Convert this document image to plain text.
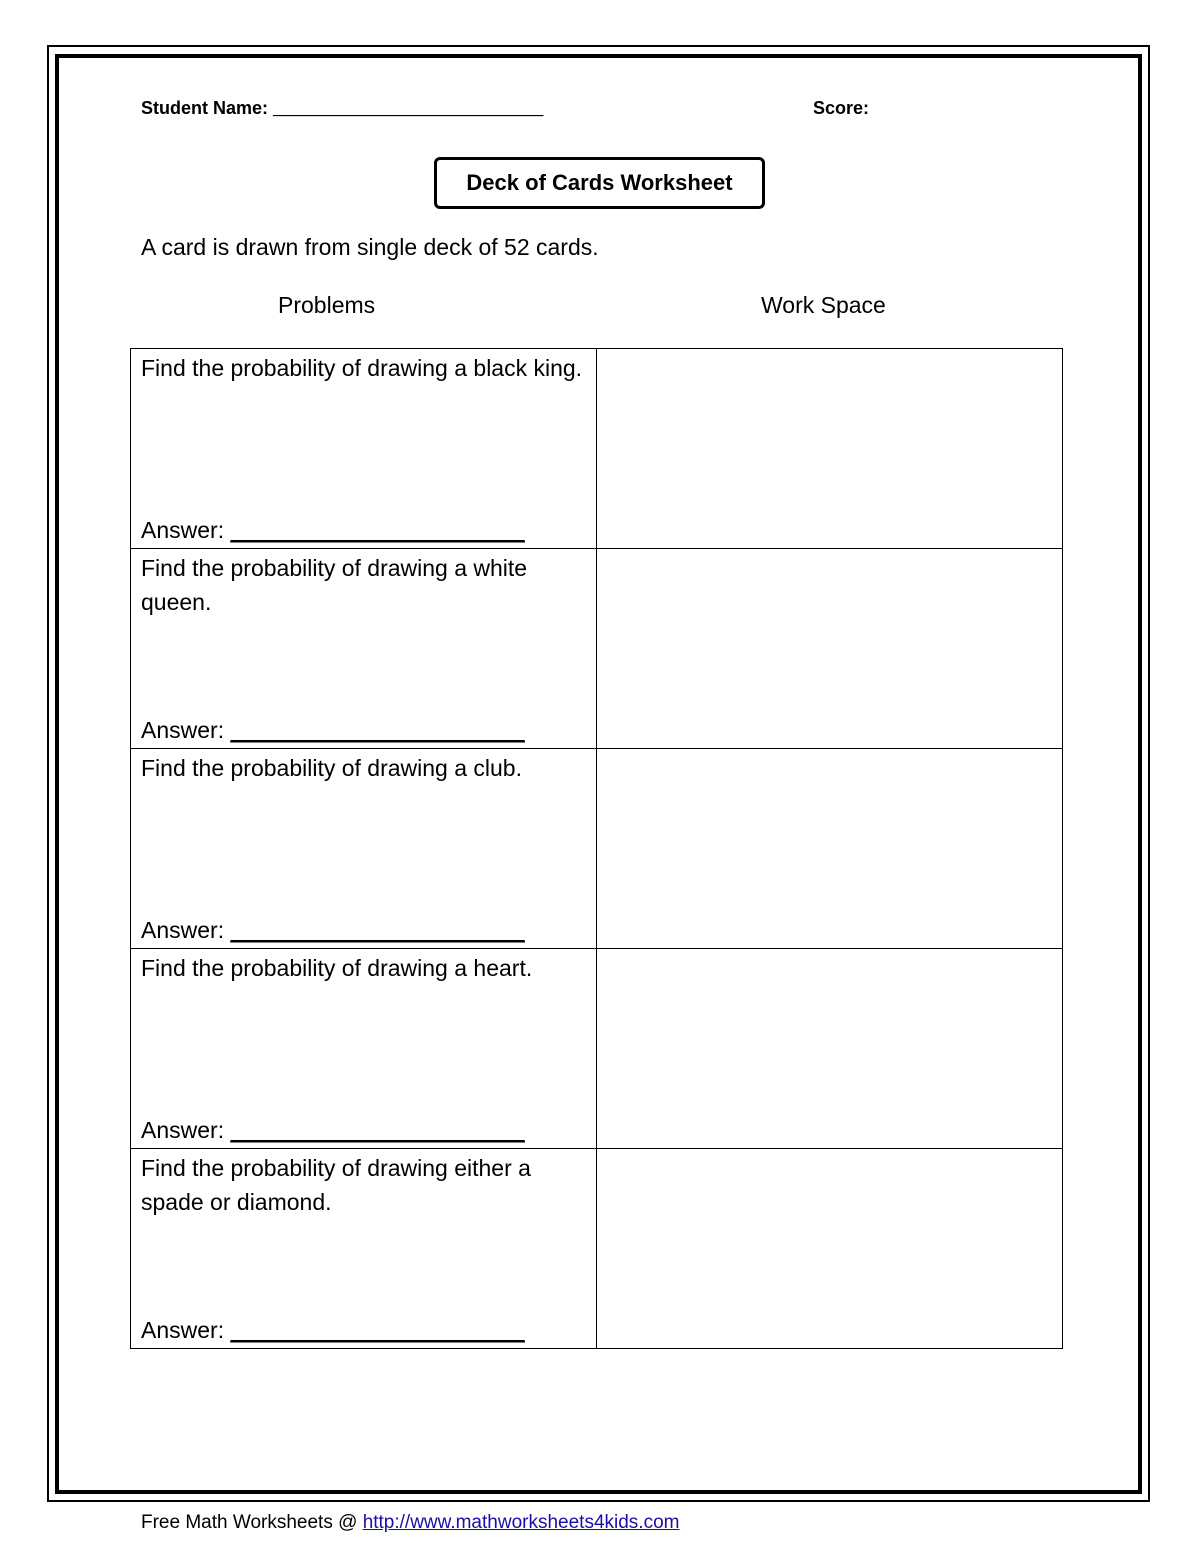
Student Name: ___________________________	Score:
Deck of Cards Worksheet
A card is drawn from single deck of 52 cards.
Problems	Work Space
Find the probability of drawing a black king.
Answer: _______________________	

Find the probability of drawing a white queen.
Answer: _______________________	

Find the probability of drawing a club.
Answer: _______________________	

Find the probability of drawing a heart.
Answer: _______________________	

Find the probability of drawing either a spade or diamond.
Answer: _______________________	

Free Math Worksheets @ http://www.mathworksheets4kids.com
